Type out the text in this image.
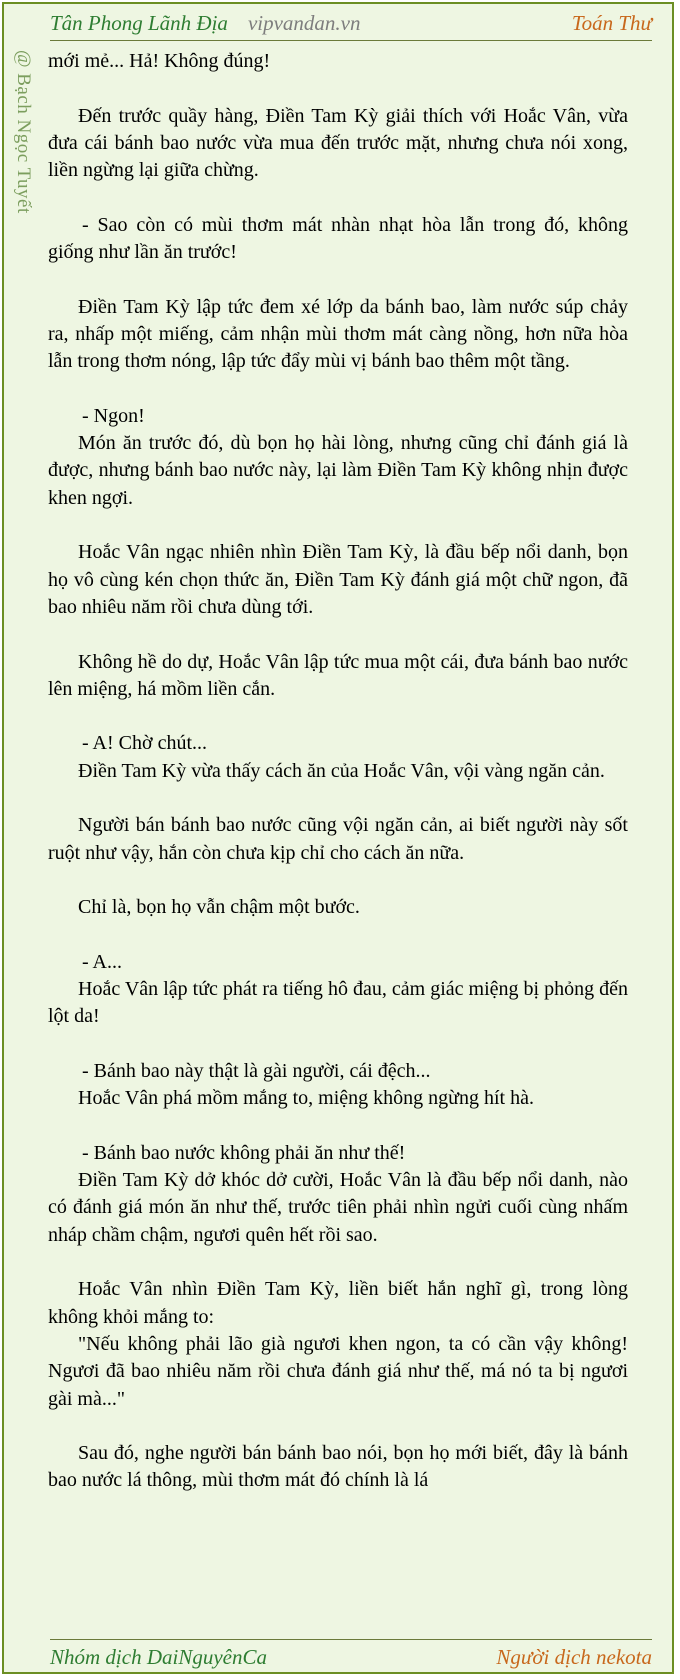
Tân Phong Lãnh Địa vipvandan.vn	Toán Thư
@ Bạch Ngọc Tuyết mới mẻ... Hả! Không đúng!

Đến trước quầy hàng, Điền Tam Kỳ giải thích với Hoắc Vân, vừa đưa cái bánh bao nước vừa mua đến trước mặt, nhưng chưa nói xong, liền ngừng lại giữa chừng.

- Sao còn có mùi thơm mát nhàn nhạt hòa lẫn trong đó, không giống như lần ăn trước!

Điền Tam Kỳ lập tức đem xé lớp da bánh bao, làm nước súp chảy ra, nhấp một miếng, cảm nhận mùi thơm mát càng nồng, hơn nữa hòa lẫn trong thơm nóng, lập tức đẩy mùi vị bánh bao thêm một tầng.

- Ngon!

Món ăn trước đó, dù bọn họ hài lòng, nhưng cũng chỉ đánh giá là được, nhưng bánh bao nước này, lại làm Điền Tam Kỳ không nhịn được khen ngợi.

Hoắc Vân ngạc nhiên nhìn Điền Tam Kỳ, là đầu bếp nổi danh, bọn họ vô cùng kén chọn thức ăn, Điền Tam Kỳ đánh giá một chữ ngon, đã bao nhiêu năm rồi chưa dùng tới.

Không hề do dự, Hoắc Vân lập tức mua một cái, đưa bánh bao nước lên miệng, há mồm liền cắn.

- A! Chờ chút...

Điền Tam Kỳ vừa thấy cách ăn của Hoắc Vân, vội vàng ngăn cản.

Người bán bánh bao nước cũng vội ngăn cản, ai biết người này sốt ruột như vậy, hắn còn chưa kịp chỉ cho cách ăn nữa.

Chỉ là, bọn họ vẫn chậm một bước.

- A...

Hoắc Vân lập tức phát ra tiếng hô đau, cảm giác miệng bị phỏng đến lột da!

- Bánh bao này thật là gài người, cái đệch...

Hoắc Vân phá mồm mắng to, miệng không ngừng hít hà.

- Bánh bao nước không phải ăn như thế!

Điền Tam Kỳ dở khóc dở cười, Hoắc Vân là đầu bếp nổi danh, nào có đánh giá món ăn như thế, trước tiên phải nhìn ngửi cuối cùng nhấm nháp chầm chậm, ngươi quên hết rồi sao.

Hoắc Vân nhìn Điền Tam Kỳ, liền biết hắn nghĩ gì, trong lòng không khỏi mắng to:

"Nếu không phải lão già ngươi khen ngon, ta có cần vậy không! Ngươi đã bao nhiêu năm rồi chưa đánh giá như thế, má nó ta bị ngươi gài mà..."

Sau đó, nghe người bán bánh bao nói, bọn họ mới biết, đây là bánh bao nước lá thông, mùi thơm mát đó chính là lá

Nhóm dịch DaiNguyênCa	Người dịch nekota
